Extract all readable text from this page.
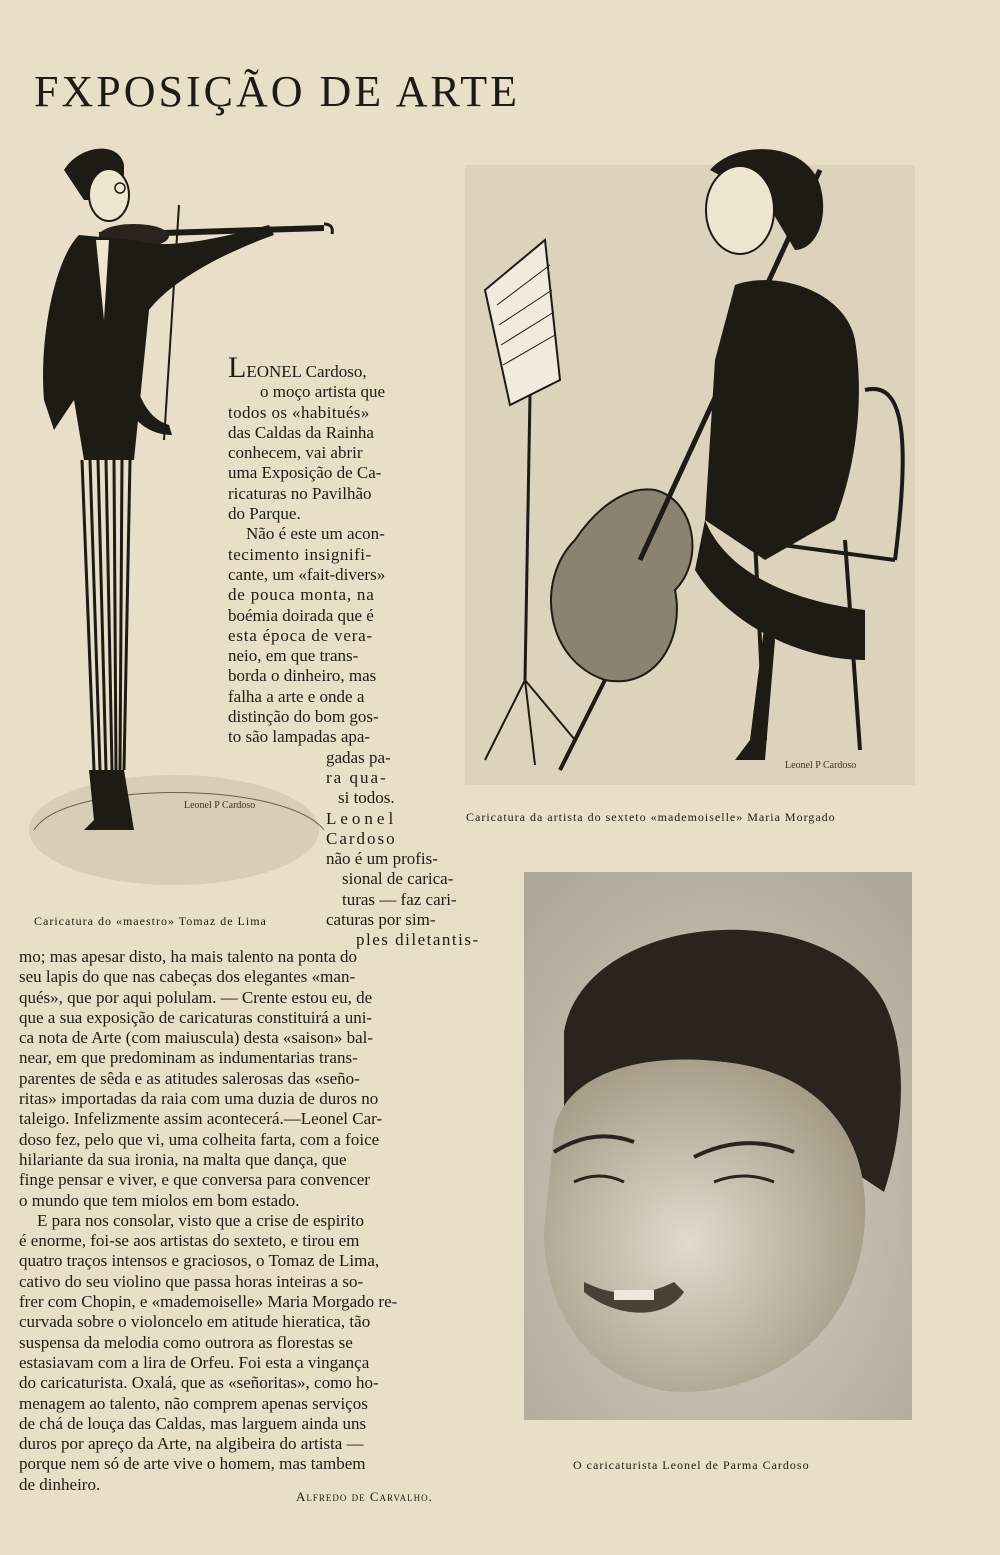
FXPOSIÇÃO DE ARTE
Leonel P Cardoso
Leonel P Cardoso
Caricatura da artista do sexteto «mademoiselle» Maria Morgado
Caricatura do «maestro» Tomaz de Lima
O caricaturista Leonel de Parma Cardoso
LEONEL Cardoso,
o moço artista que
todos os «habitués»
das Caldas da Rainha
conhecem, vai abrir
uma Exposição de Ca-
ricaturas no Pavilhão
do Parque.
Não é este um acon-
tecimento insignifi-
cante, um «fait-divers»
de pouca monta, na
boémia doirada que é
esta época de vera-
neio, em que trans-
borda o dinheiro, mas
falha a arte e onde a
distinção do bom gos-
to são lampadas apa-
gadas pa-
ra qua-
si todos.
Leonel
Cardoso
não é um profis-
sional de carica-
turas — faz cari-
caturas por sim-
ples diletantis-
mo; mas apesar disto, ha mais talento na ponta do
seu lapis do que nas cabeças dos elegantes «man-
qués», que por aqui polulam. — Crente estou eu, de
que a sua exposição de caricaturas constituirá a uni-
ca nota de Arte (com maiuscula) desta «saison» bal-
near, em que predominam as indumentarias trans-
parentes de sêda e as atitudes salerosas das «seño-
ritas» importadas da raia com uma duzia de duros no
taleigo. Infelizmente assim acontecerá.—Leonel Car-
doso fez, pelo que vi, uma colheita farta, com a foice
hilariante da sua ironia, na malta que dança, que
finge pensar e viver, e que conversa para convencer
o mundo que tem miolos em bom estado.
E para nos consolar, visto que a crise de espirito
é enorme, foi-se aos artistas do sexteto, e tirou em
quatro traços intensos e graciosos, o Tomaz de Lima,
cativo do seu violino que passa horas inteiras a so-
frer com Chopin, e «mademoiselle» Maria Morgado re-
curvada sobre o violoncelo em atitude hieratica, tão
suspensa da melodia como outrora as florestas se
estasiavam com a lira de Orfeu. Foi esta a vingança
do caricaturista. Oxalá, que as «señoritas», como ho-
menagem ao talento, não comprem apenas serviços
de chá de louça das Caldas, mas larguem ainda uns
duros por apreço da Arte, na algibeira do artista —
porque nem só de arte vive o homem, mas tambem
de dinheiro.
Alfredo de Carvalho.
